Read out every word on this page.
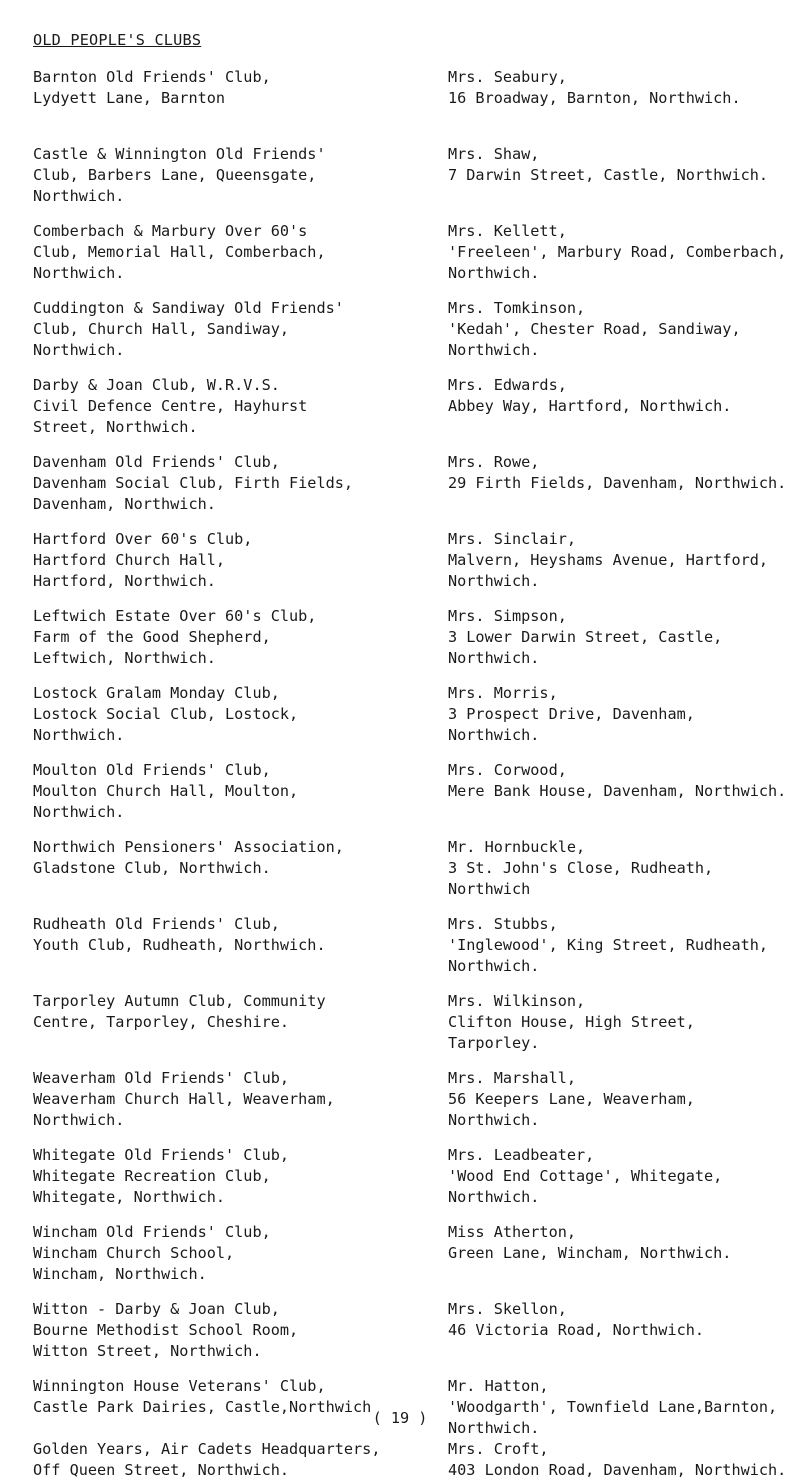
OLD PEOPLE'S CLUBS
Barnton Old Friends' Club,
Lydyett Lane, Barnton
Mrs. Seabury,
16 Broadway, Barnton, Northwich.
Castle & Winnington Old Friends'
Club, Barbers Lane, Queensgate,
Northwich.
Mrs. Shaw,
7 Darwin Street, Castle, Northwich.
Comberbach & Marbury Over 60's
Club, Memorial Hall, Comberbach,
Northwich.
Mrs. Kellett,
'Freeleen', Marbury Road, Comberbach,
Northwich.
Cuddington & Sandiway Old Friends'
Club, Church Hall, Sandiway,
Northwich.
Mrs. Tomkinson,
'Kedah', Chester Road, Sandiway,
Northwich.
Darby & Joan Club, W.R.V.S.
Civil Defence Centre, Hayhurst
Street, Northwich.
Mrs. Edwards,
Abbey Way, Hartford, Northwich.
Davenham Old Friends' Club,
Davenham Social Club, Firth Fields,
Davenham, Northwich.
Mrs. Rowe,
29 Firth Fields, Davenham, Northwich.
Hartford Over 60's Club,
Hartford Church Hall,
Hartford, Northwich.
Mrs. Sinclair,
Malvern, Heyshams Avenue, Hartford,
Northwich.
Leftwich Estate Over 60's Club,
Farm of the Good Shepherd,
Leftwich, Northwich.
Mrs. Simpson,
3 Lower Darwin Street, Castle,
Northwich.
Lostock Gralam Monday Club,
Lostock Social Club, Lostock,
Northwich.
Mrs. Morris,
3 Prospect Drive, Davenham, Northwich.
Moulton Old Friends' Club,
Moulton Church Hall, Moulton,
Northwich.
Mrs. Corwood,
Mere Bank House, Davenham, Northwich.
Northwich Pensioners' Association,
Gladstone Club, Northwich.
Mr. Hornbuckle,
3 St. John's Close, Rudheath, Northwich
Rudheath Old Friends' Club,
Youth Club, Rudheath, Northwich.
Mrs. Stubbs,
'Inglewood', King Street, Rudheath,
Northwich.
Tarporley Autumn Club, Community
Centre, Tarporley, Cheshire.
Mrs. Wilkinson,
Clifton House, High Street, Tarporley.
Weaverham Old Friends' Club,
Weaverham Church Hall, Weaverham,
Northwich.
Mrs. Marshall,
56 Keepers Lane, Weaverham, Northwich.
Whitegate Old Friends' Club,
Whitegate Recreation Club,
Whitegate, Northwich.
Mrs. Leadbeater,
'Wood End Cottage', Whitegate,
Northwich.
Wincham Old Friends' Club,
Wincham Church School,
Wincham, Northwich.
Miss Atherton,
Green Lane, Wincham, Northwich.
Witton - Darby & Joan Club,
Bourne Methodist School Room,
Witton Street, Northwich.
Mrs. Skellon,
46 Victoria Road, Northwich.
Winnington House Veterans' Club,
Castle Park Dairies, Castle,Northwich
Mr. Hatton,
'Woodgarth', Townfield Lane,Barnton,
Northwich.
Golden Years, Air Cadets Headquarters,
Off Queen Street, Northwich.
Mrs. Croft,
403 London Road, Davenham, Northwich.
( 19 )
